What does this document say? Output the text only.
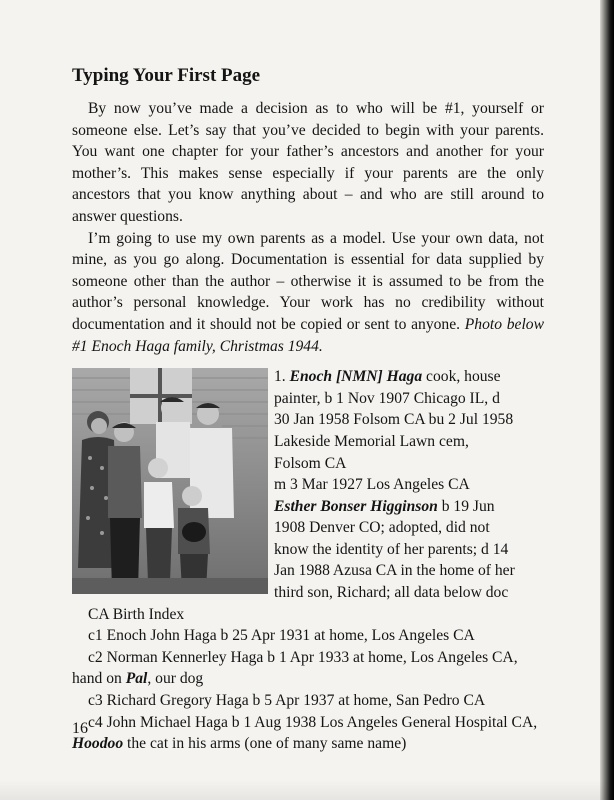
Typing Your First Page

By now you’ve made a decision as to who will be #1, yourself or someone else. Let’s say that you’ve decided to begin with your parents. You want one chapter for your father’s ancestors and another for your mother’s. This makes sense especially if your parents are the only ancestors that you know anything about – and who are still around to answer questions.

I’m going to use my own parents as a model. Use your own data, not mine, as you go along. Documentation is essential for data supplied by someone other than the author – otherwise it is assumed to be from the author’s personal knowledge. Your work has no credibility without documentation and it should not be copied or sent to anyone. Photo below #1 Enoch Haga family, Christmas 1944.

1. Enoch [NMN] Haga cook, house
painter, b 1 Nov 1907 Chicago IL, d
30 Jan 1958 Folsom CA bu 2 Jul 1958
Lakeside Memorial Lawn cem,
Folsom CA
m 3 Mar 1927 Los Angeles CA
Esther Bonser Higginson b 19 Jun
1908 Denver CO; adopted, did not
know the identity of her parents; d 14
Jan 1988 Azusa CA in the home of her
third son, Richard; all data below doc

CA Birth Index

c1 Enoch John Haga b 25 Apr 1931 at home, Los Angeles CA

c2 Norman Kennerley Haga b 1 Apr 1933 at home, Los Angeles CA, hand on Pal, our dog

c3 Richard Gregory Haga b 5 Apr 1937 at home, San Pedro CA

c4 John Michael Haga b 1 Aug 1938 Los Angeles General Hospital CA, Hoodoo the cat in his arms (one of many same name)

16
